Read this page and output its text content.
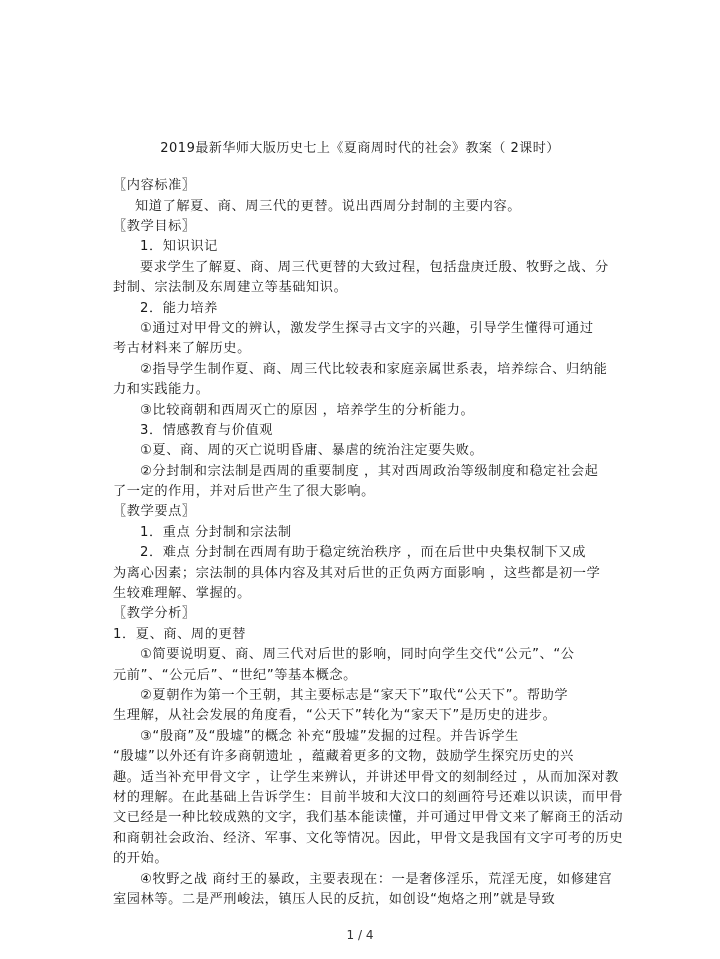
2019最新华师大版历史七上《夏商周时代的社会》教案（ 2课时）
〖内容标准〗
知道了解夏、商、周三代的更替。说出西周分封制的主要内容。
〖教学目标〗
1．知识识记
要求学生了解夏、商、周三代更替的大致过程，包括盘庚迁殷、牧野之战、分
封制、宗法制及东周建立等基础知识。
2．能力培养
①通过对甲骨文的辨认，激发学生探寻古文字的兴趣，引导学生懂得可通过
考古材料来了解历史。
②指导学生制作夏、商、周三代比较表和家庭亲属世系表，培养综合、归纳能
力和实践能力。
③比较商朝和西周灭亡的原因 ，培养学生的分析能力。
3．情感教育与价值观
①夏、商、周的灭亡说明昏庸、暴虐的统治注定要失败。
②分封制和宗法制是西周的重要制度 ，其对西周政治等级制度和稳定社会起
了一定的作用，并对后世产生了很大影响。
〖教学要点〗
1．重点 分封制和宗法制
2．难点 分封制在西周有助于稳定统治秩序 ，而在后世中央集权制下又成
为离心因素；宗法制的具体内容及其对后世的正负两方面影响 ，这些都是初一学
生较难理解、掌握的。
〖教学分析〗
1．夏、商、周的更替
①简要说明夏、商、周三代对后世的影响，同时向学生交代“公元”、“公
元前”、“公元后”、“世纪”等基本概念。
②夏朝作为第一个王朝，其主要标志是“家天下”取代“公天下”。帮助学
生理解，从社会发展的角度看，“公天下”转化为“家天下”是历史的进步。
③“殷商”及“殷墟”的概念 补充“殷墟”发掘的过程。并告诉学生
“殷墟”以外还有许多商朝遗址 ，蕴藏着更多的文物，鼓励学生探究历史的兴
趣。适当补充甲骨文字 ，让学生来辨认，并讲述甲骨文的刻制经过 ，从而加深对教
材的理解。在此基础上告诉学生：目前半坡和大汶口的刻画符号还难以识读，而甲骨
文已经是一种比较成熟的文字，我们基本能读懂，并可通过甲骨文来了解商王的活动
和商朝社会政治、经济、军事、文化等情况。因此，甲骨文是我国有文字可考的历史
的开始。
④牧野之战 商纣王的暴政，主要表现在：一是奢侈淫乐，荒淫无度，如修建宫
室园林等。二是严刑峻法，镇压人民的反抗，如创设“炮烙之刑”就是导致
1 / 4
